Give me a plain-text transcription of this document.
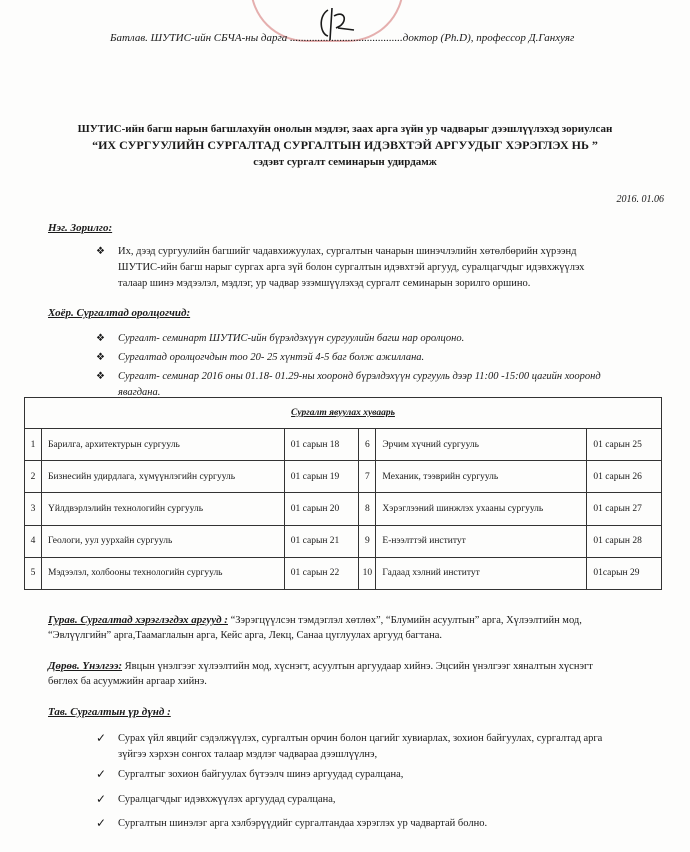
Батлав. ШУТИС-ийн СБЧА-ны дарга .........................................доктор (Ph.D), профессор Д.Ганхуяг
ШУТИС-ийн багш нарын багшлахуйн онолын мэдлэг, заах арга зүйн ур чадварыг дээшлүүлэхэд зориулсан
“ИХ СУРГУУЛИЙН СУРГАЛТАД СУРГАЛТЫН ИДЭВХТЭЙ АРГУУДЫГ ХЭРЭГЛЭХ НЬ ”
сэдэвт сургалт семинарын удирдамж
2016. 01.06
Нэг. Зорилго:
❖ Их, дээд сургуулийн багшийг чадавхижуулах, сургалтын чанарын шинэчлэлийн хөтөлбөрийн хүрээнд
ШУТИС-ийн багш нарыг сургах арга зүй болон сургалтын идэвхтэй аргууд, суралцагчдыг идэвхжүүлэх
талаар шинэ мэдээлэл, мэдлэг, ур чадвар эзэмшүүлэхэд сургалт семинарын зорилго оршино.
Хоёр. Сургалтад оролцогчид:
❖ Сургалт- семинарт ШУТИС-ийн бүрэлдэхүүн сургуулийн багш нар оролцоно.
❖ Сургалтад оролцогчдын тоо 20- 25 хүнтэй 4-5 баг болж ажиллана.
❖ Сургалт- семинар 2016 оны 01.18- 01.29-ны хооронд бүрэлдэхүүн сургууль дээр 11:00 -15:00 цагийн хооронд
явагдана.
Сургалт явуулах хуваарь					
1	Барилга, архитектурын сургууль	01 сарын 18	6	Эрчим хүчний сургууль	01 сарын 25
2	Бизнесийн удирдлага, хүмүүнлэгийн сургууль	01 сарын 19	7	Механик, тээврийн сургууль	01 сарын 26
3	Үйлдвэрлэлийн технологийн сургууль	01 сарын 20	8	Хэрэглээний шинжлэх ухааны сургууль	01 сарын 27
4	Геологи, уул уурхайн сургууль	01 сарын 21	9	Е-нээлттэй институт	01 сарын 28
5	Мэдээлэл, холбооны технологийн сургууль	01 сарын 22	10	Гадаад хэлний институт	01сарын 29
Гурав. Сургалтад хэрэглэгдэх аргууд : “Зэрэгцүүлсэн тэмдэглэл хөтлөх”, “Блумийн асуултын” арга, Хүлээлтийн мод,
“Эвлүүлгийн” арга,Таамаглалын арга, Кейс арга, Лекц, Санаа цуглуулах аргууд багтана.
Дөрөв. Үнэлгээ: Явцын үнэлгээг хүлээлтийн мод, хүснэгт, асуултын аргуудаар хийнэ. Эцсийн үнэлгээг хяналтын хүснэгт
бөглөх ба асуумжийн аргаар хийнэ.
Тав. Сургалтын үр дүнд :
✓ Сурах үйл явцийг сэдэлжүүлэх, сургалтын орчин болон цагийг хувиарлах, зохион байгуулах, сургалтад арга
зүйгээ хэрхэн сонгох талаар мэдлэг чадвараа дээшлүүлнэ,
✓ Сургалтыг зохион байгуулах бүтээлч шинэ аргуудад суралцана,
✓ Суралцагчдыг идэвхжүүлэх аргуудад суралцана,
✓ Сургалтын шинэлэг арга хэлбэрүүдийг сургалтандаа хэрэглэх ур чадвартай болно.
